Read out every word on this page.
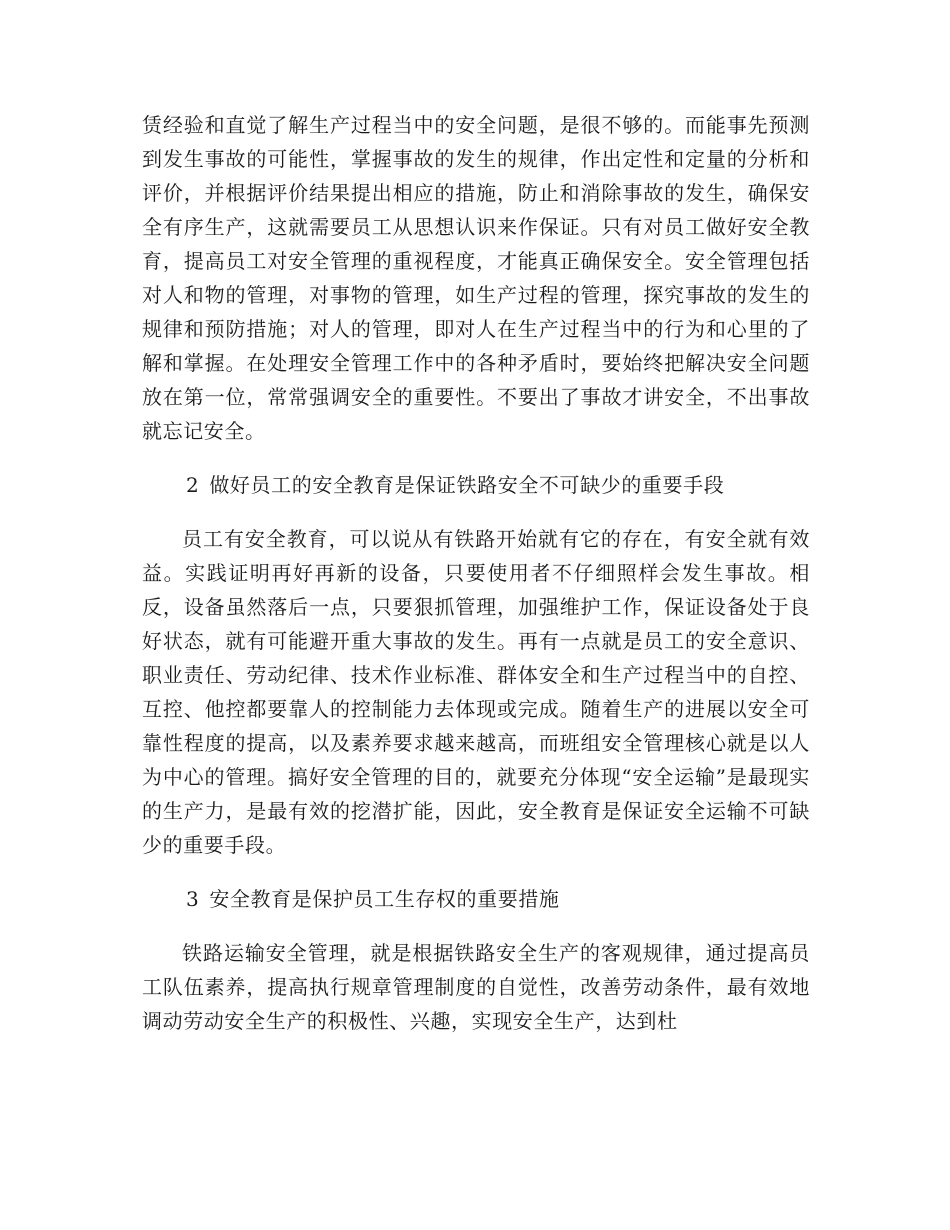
赁经验和直觉了解生产过程当中的安全问题，是很不够的。而能事先预测到发生事故的可能性，掌握事故的发生的规律，作出定性和定量的分析和评价，并根据评价结果提出相应的措施，防止和消除事故的发生，确保安全有序生产，这就需要员工从思想认识来作保证。只有对员工做好安全教育，提高员工对安全管理的重视程度，才能真正确保安全。安全管理包括对人和物的管理，对事物的管理，如生产过程的管理，探究事故的发生的规律和预防措施；对人的管理，即对人在生产过程当中的行为和心里的了解和掌握。在处理安全管理工作中的各种矛盾时，要始终把解决安全问题放在第一位，常常强调安全的重要性。不要出了事故才讲安全，不出事故就忘记安全。

2 做好员工的安全教育是保证铁路安全不可缺少的重要手段

员工有安全教育，可以说从有铁路开始就有它的存在，有安全就有效益。实践证明再好再新的设备，只要使用者不仔细照样会发生事故。相反，设备虽然落后一点，只要狠抓管理，加强维护工作，保证设备处于良好状态，就有可能避开重大事故的发生。再有一点就是员工的安全意识、职业责任、劳动纪律、技术作业标准、群体安全和生产过程当中的自控、互控、他控都要靠人的控制能力去体现或完成。随着生产的进展以安全可靠性程度的提高，以及素养要求越来越高，而班组安全管理核心就是以人为中心的管理。搞好安全管理的目的，就要充分体现“安全运输”是最现实的生产力，是最有效的挖潜扩能，因此，安全教育是保证安全运输不可缺少的重要手段。

3 安全教育是保护员工生存权的重要措施

铁路运输安全管理，就是根据铁路安全生产的客观规律，通过提高员工队伍素养，提高执行规章管理制度的自觉性，改善劳动条件，最有效地调动劳动安全生产的积极性、兴趣，实现安全生产，达到杜
